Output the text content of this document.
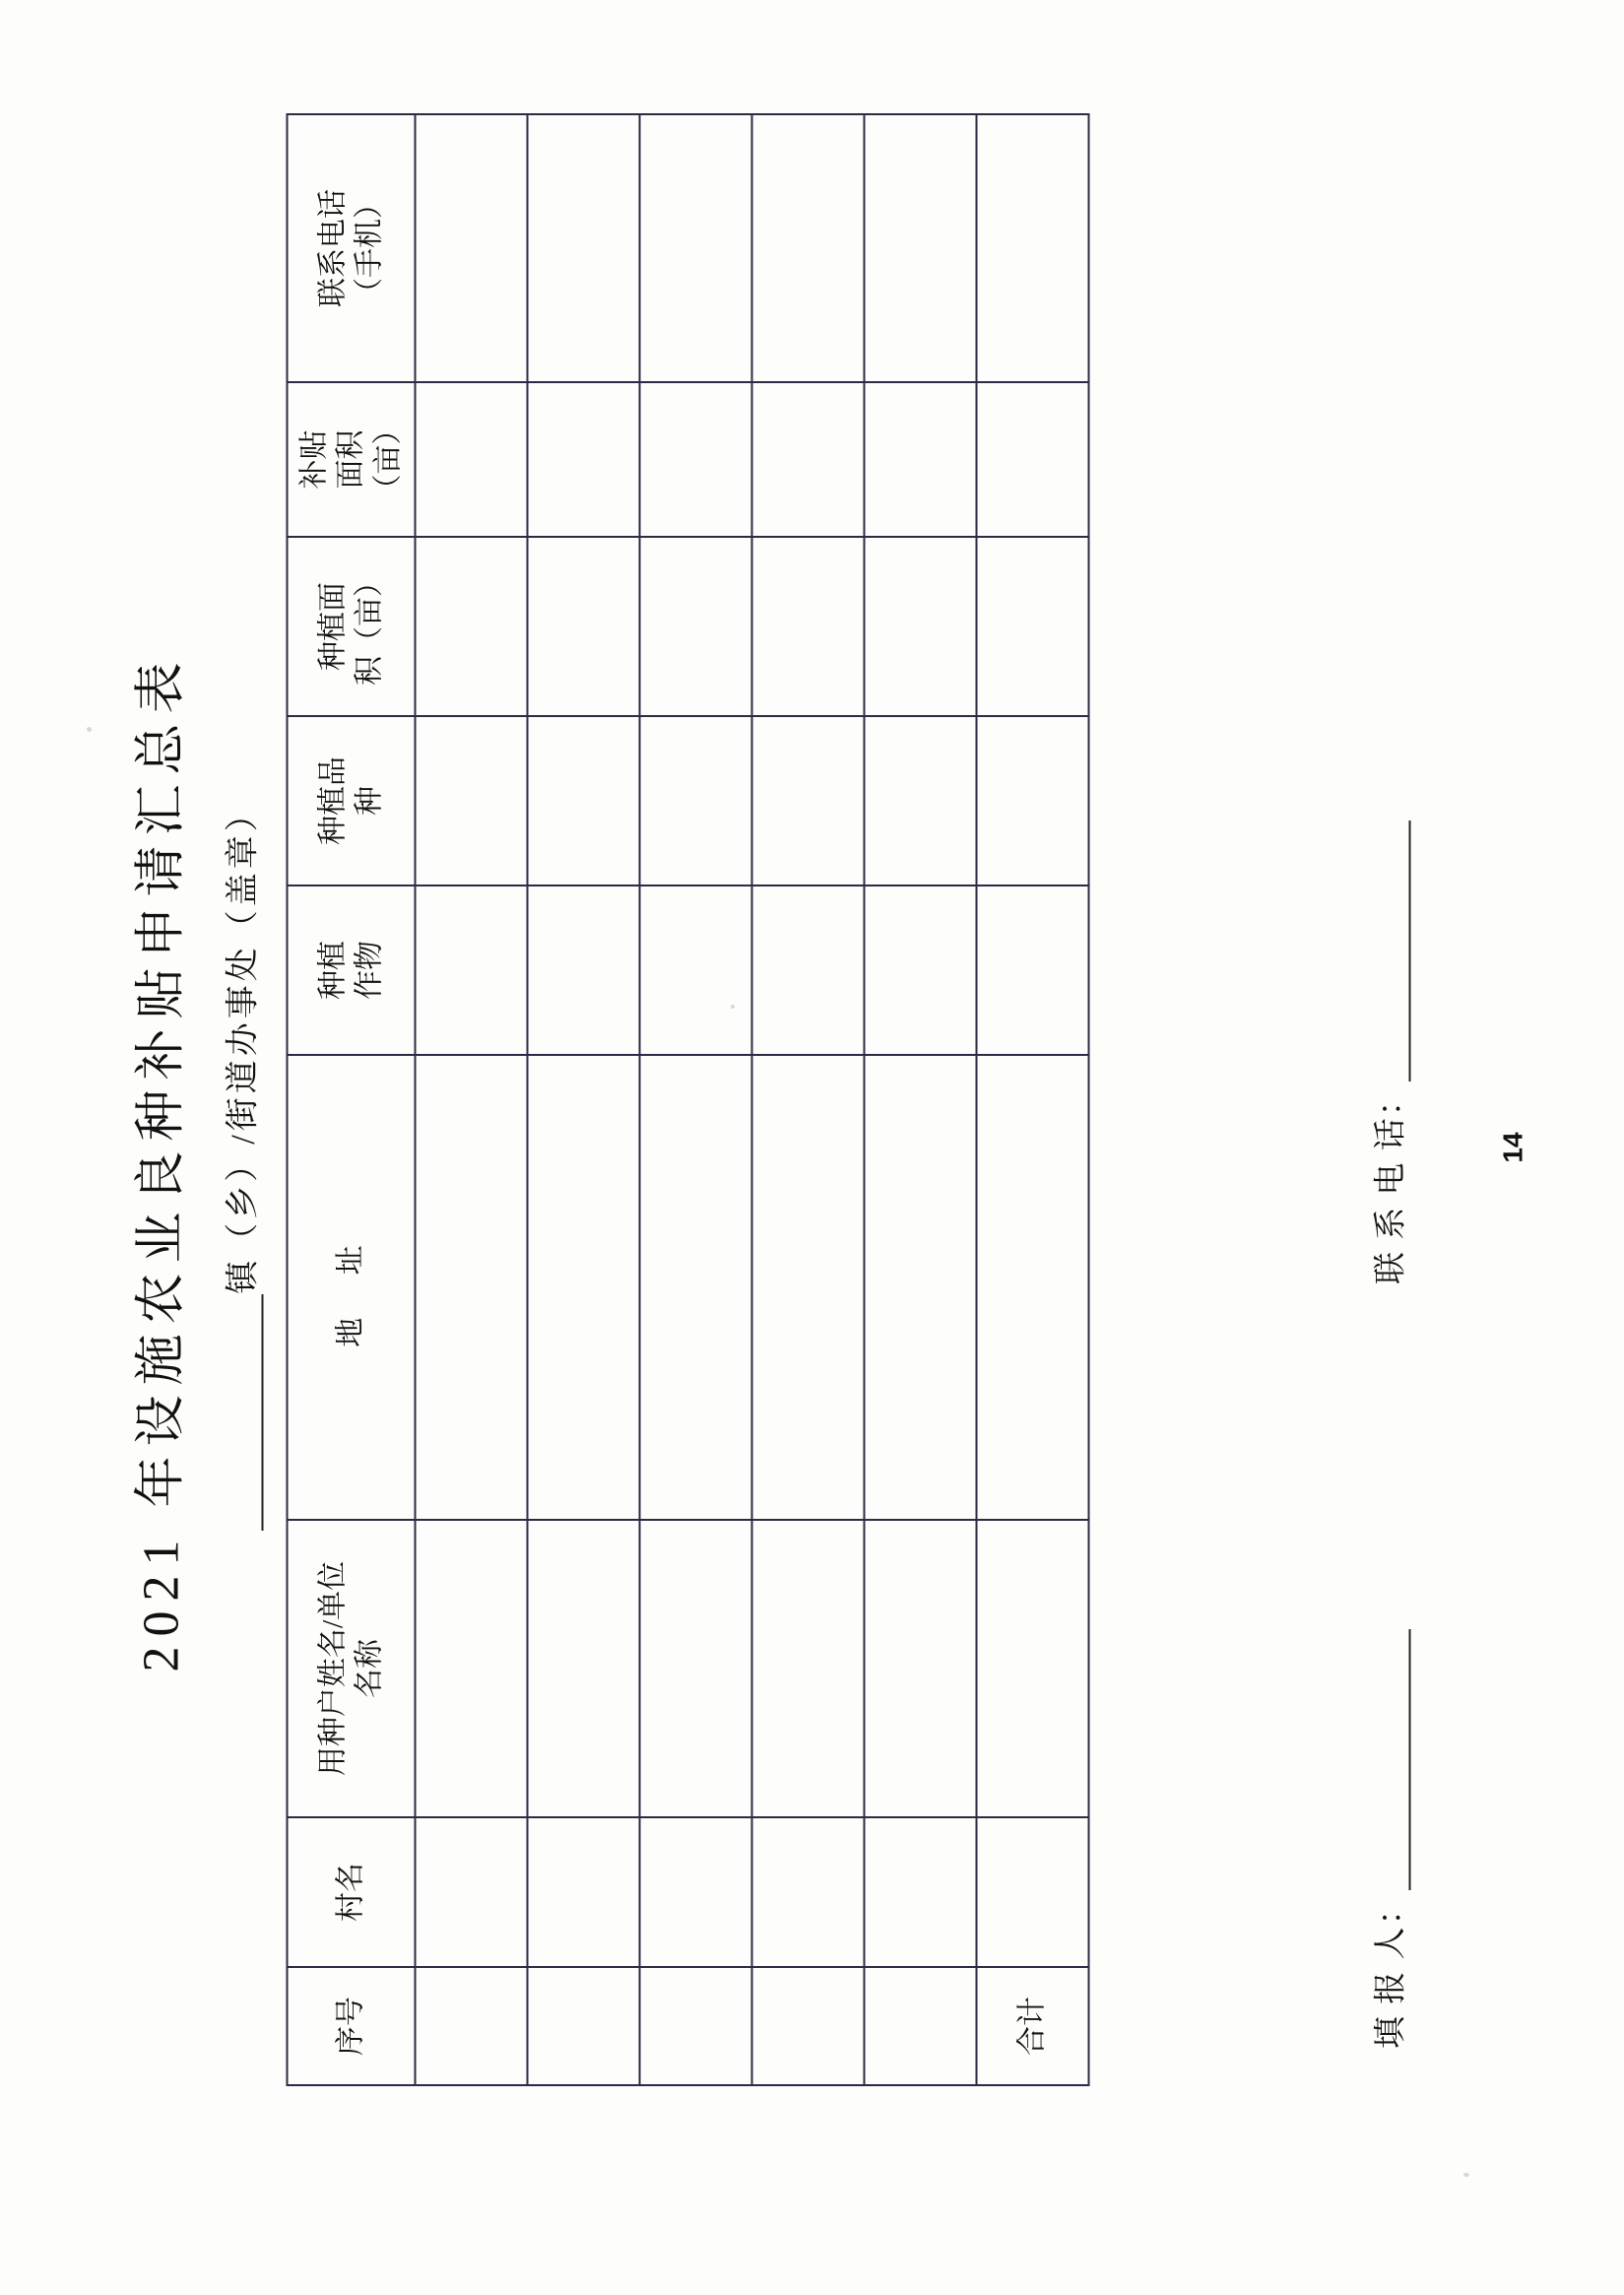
2021 年设施农业良种补贴申请汇总表 镇（乡）/街道办事处（盖章）
序号	村名	用种户姓名/单位 名称	地 址	种植 作物	种植品 种	种植面 积（亩）	补贴 面积 （亩）	联系电话 （手机）

合计									填 报 人：  联 系 电 话：	14
